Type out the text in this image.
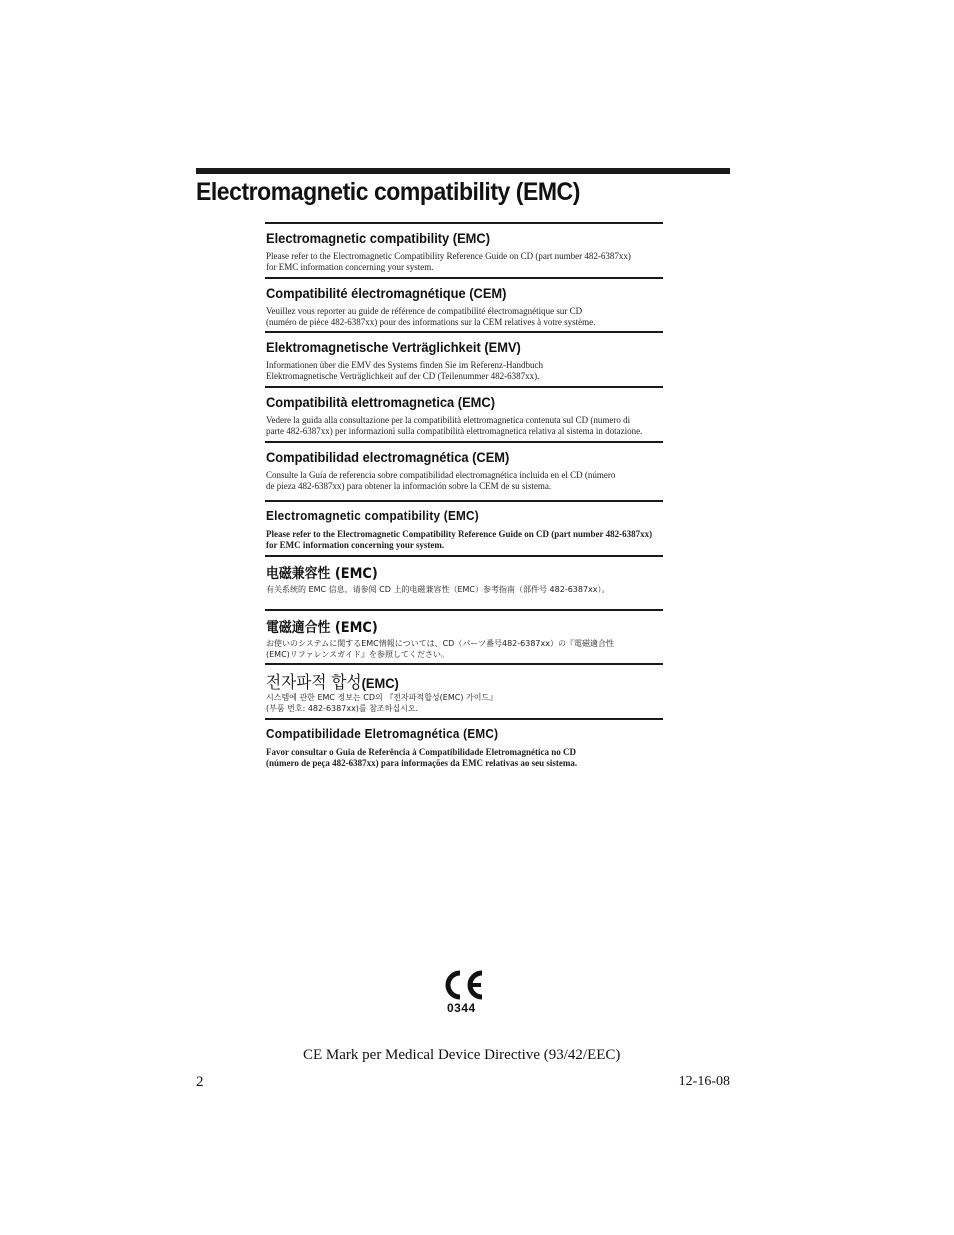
Electromagnetic compatibility (EMC)
Electromagnetic compatibility (EMC)
Please refer to the Electromagnetic Compatibility Reference Guide on CD (part number 482-6387xx)
for EMC information concerning your system.
Compatibilité électromagnétique (CEM)
Veuillez vous reporter au guide de référence de compatibilité électromagnétique sur CD
(numéro de pièce 482-6387xx) pour des informations sur la CEM relatives à votre système.
Elektromagnetische Verträglichkeit (EMV)
Informationen über die EMV des Systems finden Sie im Referenz-Handbuch
Elektromagnetische Verträglichkeit auf der CD (Teilenummer 482-6387xx).
Compatibilità elettromagnetica (EMC)
Vedere la guida alla consultazione per la compatibilità elettromagnetica contenuta sul CD (numero di
parte 482-6387xx) per informazioni sulla compatibilità elettromagnetica relativa al sistema in dotazione.
Compatibilidad electromagnética (CEM)
Consulte la Guía de referencia sobre compatibilidad electromagnética incluida en el CD (número
de pieza 482-6387xx) para obtener la información sobre la CEM de su sistema.
Electromagnetic compatibility (EMC)
Please refer to the Electromagnetic Compatibility Reference Guide on CD (part number 482-6387xx)
for EMC information concerning your system.
电磁兼容性 (EMC)
有关系统的 EMC 信息，请参阅 CD 上的电磁兼容性（EMC）参考指南（部件号 482-6387xx）。
電磁適合性 (EMC)
お使いのシステムに関するEMC情報については、CD（パーツ番号482-6387xx）の『電磁適合性
(EMC)リファレンスガイド』を参照してください。
전자파적 합성(EMC)
시스템에 관한 EMC 정보는 CD의 『전자파적합성(EMC) 가이드』
(부품 번호: 482-6387xx)를 참조하십시오.
Compatibilidade Eletromagnética (EMC)
Favor consultar o Guia de Referência à Compatibilidade Eletromagnética no CD
(número de peça 482-6387xx) para informações da EMC relativas ao seu sistema.
0344
CE Mark per Medical Device Directive (93/42/EEC)
2	12-16-08
